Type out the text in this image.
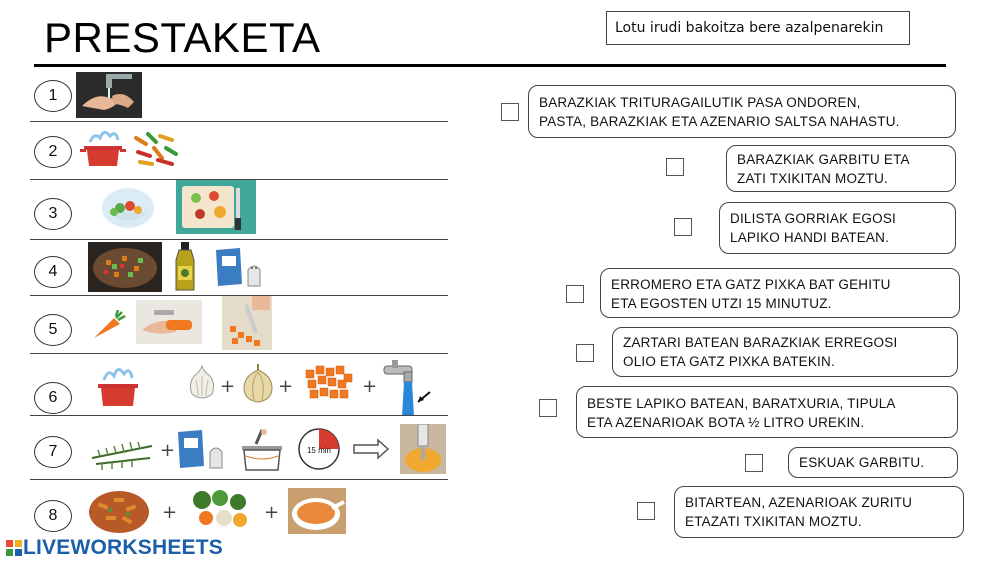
PRESTAKETA	Lotu irudi bakoitza bere azalpenarekin
1
2
3
4
5
6
+ +	+
7	+	15 min
8	+	+
BARAZKIAK TRITURAGAILUTIK PASA ONDOREN,
PASTA, BARAZKIAK ETA AZENARIO SALTSA NAHASTU.
BARAZKIAK GARBITU ETA
ZATI TXIKITAN MOZTU.
DILISTA GORRIAK EGOSI
LAPIKO HANDI BATEAN.
ERROMERO ETA GATZ PIXKA BAT GEHITU
ETA EGOSTEN UTZI 15 MINUTUZ.
ZARTARI BATEAN BARAZKIAK ERREGOSI
OLIO ETA GATZ PIXKA BATEKIN.
BESTE LAPIKO BATEAN, BARATXURIA, TIPULA
ETA AZENARIOAK BOTA ½ LITRO UREKIN.
ESKUAK GARBITU.
BITARTEAN, AZENARIOAK ZURITU
ETAZATI TXIKITAN MOZTU.
LIVEWORKSHEETS
